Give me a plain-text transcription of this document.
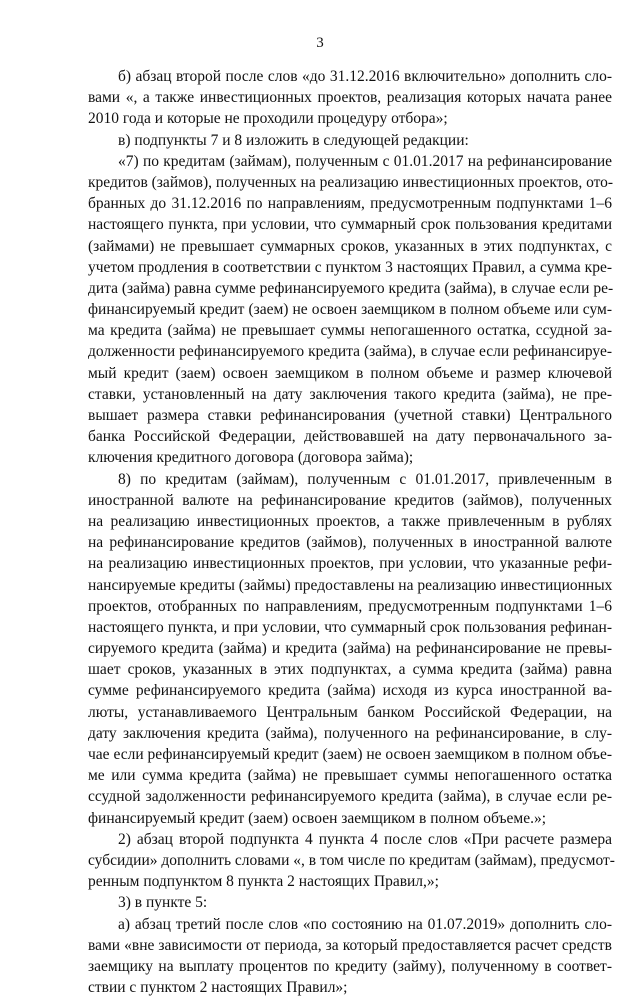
3
б) абзац второй после слов «до 31.12.2016 включительно» дополнить сло-
вами «, а также инвестиционных проектов, реализация которых начата ранее
2010 года и которые не проходили процедуру отбора»;
в) подпункты 7 и 8 изложить в следующей редакции:
«7) по кредитам (займам), полученным с 01.01.2017 на рефинансирование
кредитов (займов), полученных на реализацию инвестиционных проектов, ото-
бранных до 31.12.2016 по направлениям, предусмотренным подпунктами 1–6
настоящего пункта, при условии, что суммарный срок пользования кредитами
(займами) не превышает суммарных сроков, указанных в этих подпунктах, с
учетом продления в соответствии с пунктом 3 настоящих Правил, а сумма кре-
дита (займа) равна сумме рефинансируемого кредита (займа), в случае если ре-
финансируемый кредит (заем) не освоен заемщиком в полном объеме или сум-
ма кредита (займа) не превышает суммы непогашенного остатка, ссудной за-
долженности рефинансируемого кредита (займа), в случае если рефинансируе-
мый кредит (заем) освоен заемщиком в полном объеме и размер ключевой
ставки, установленный на дату заключения такого кредита (займа), не пре-
вышает размера ставки рефинансирования (учетной ставки) Центрального
банка Российской Федерации, действовавшей на дату первоначального за-
ключения кредитного договора (договора займа);
8) по кредитам (займам), полученным с 01.01.2017, привлеченным в
иностранной валюте на рефинансирование кредитов (займов), полученных
на реализацию инвестиционных проектов, а также привлеченным в рублях
на рефинансирование кредитов (займов), полученных в иностранной валюте
на реализацию инвестиционных проектов, при условии, что указанные рефи-
нансируемые кредиты (займы) предоставлены на реализацию инвестиционных
проектов, отобранных по направлениям, предусмотренным подпунктами 1–6
настоящего пункта, и при условии, что суммарный срок пользования рефинан-
сируемого кредита (займа) и кредита (займа) на рефинансирование не превы-
шает сроков, указанных в этих подпунктах, а сумма кредита (займа) равна
сумме рефинансируемого кредита (займа) исходя из курса иностранной ва-
люты, устанавливаемого Центральным банком Российской Федерации, на
дату заключения кредита (займа), полученного на рефинансирование, в слу-
чае если рефинансируемый кредит (заем) не освоен заемщиком в полном объе-
ме или сумма кредита (займа) не превышает суммы непогашенного остатка
ссудной задолженности рефинансируемого кредита (займа), в случае если ре-
финансируемый кредит (заем) освоен заемщиком в полном объеме.»;
2) абзац второй подпункта 4 пункта 4 после слов «При расчете размера
субсидии» дополнить словами «, в том числе по кредитам (займам), предусмот-
ренным подпунктом 8 пункта 2 настоящих Правил,»;
3) в пункте 5:
а) абзац третий после слов «по состоянию на 01.07.2019» дополнить сло-
вами «вне зависимости от периода, за который предоставляется расчет средств
заемщику на выплату процентов по кредиту (займу), полученному в соответ-
ствии с пунктом 2 настоящих Правил»;
